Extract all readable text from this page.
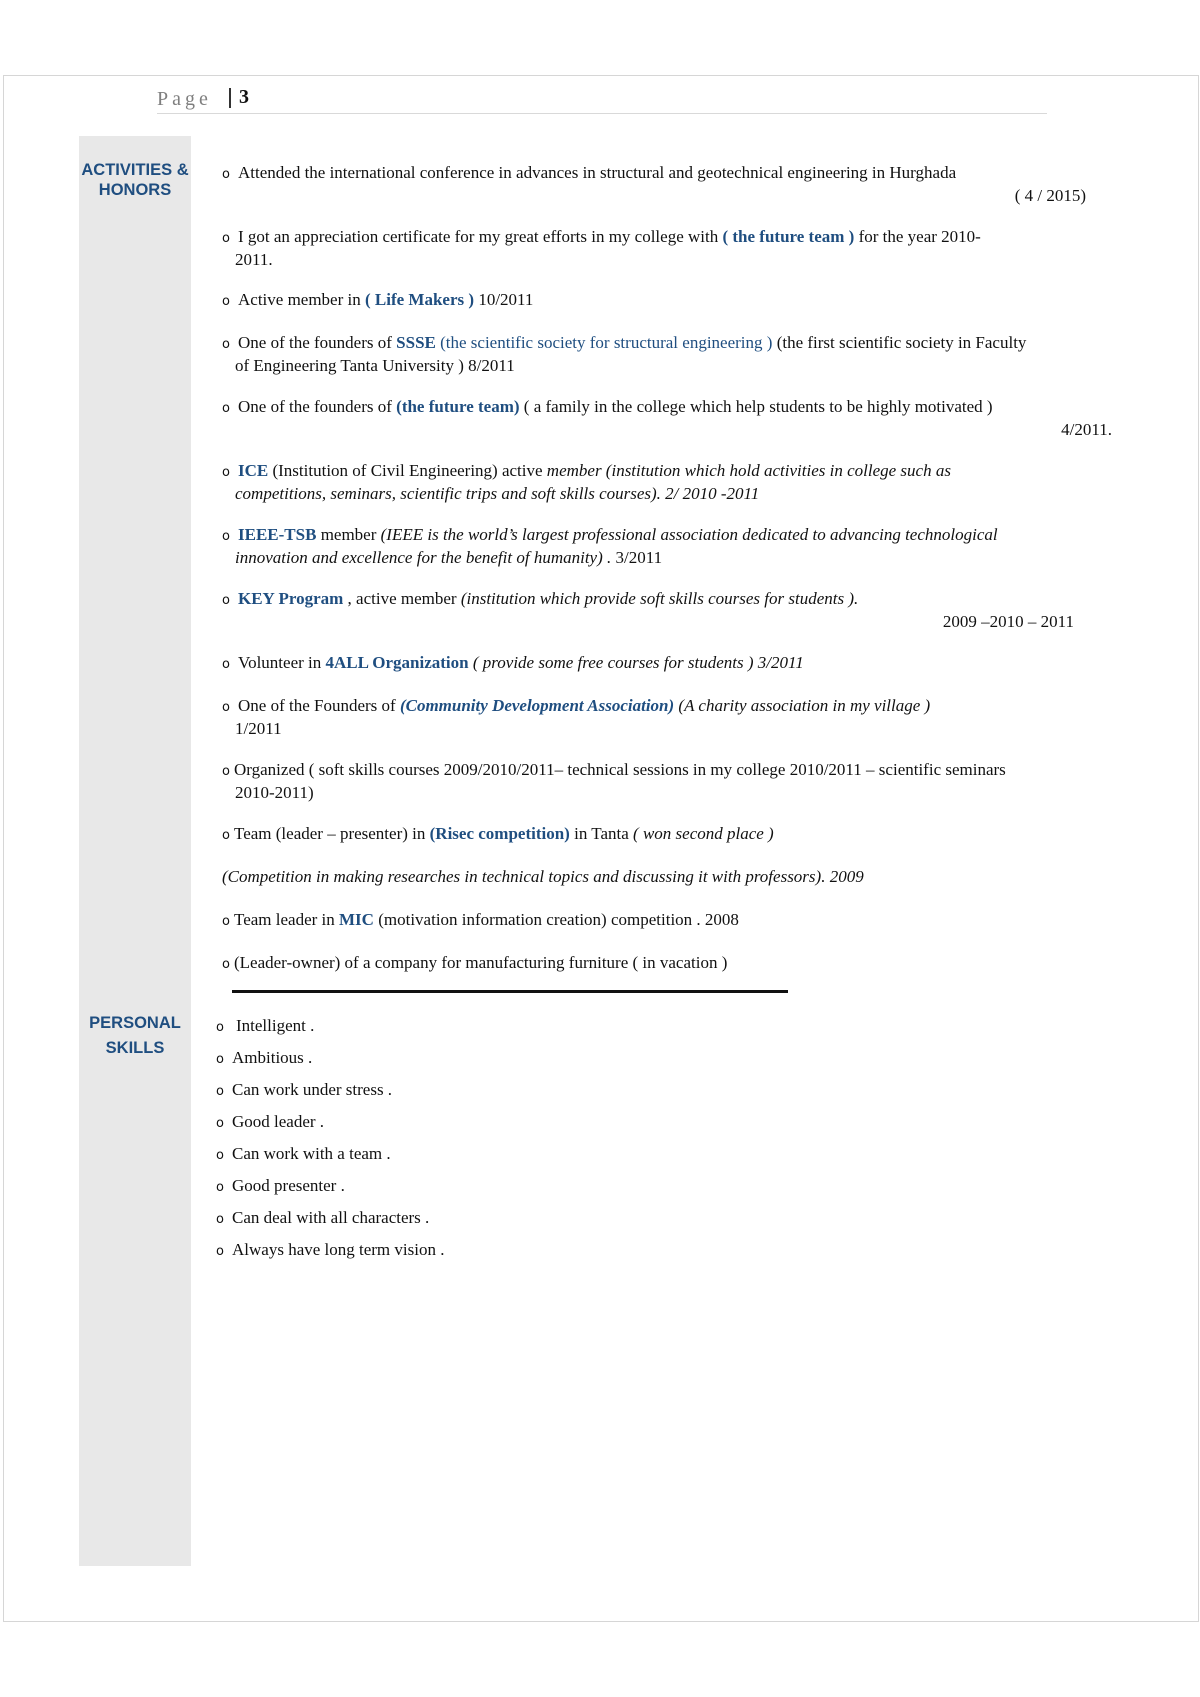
Page 3
ACTIVITIES & HONORS
PERSONAL
SKILLS
o Attended the international conference in advances in structural and geotechnical engineering in Hurghada
( 4 / 2015)
o I got an appreciation certificate for my great efforts in my college with ( the future team ) for the year 2010-
2011.
o Active member in ( Life Makers ) 10/2011
o One of the founders of SSSE (the scientific society for structural engineering ) (the first scientific society in Faculty
of Engineering Tanta University ) 8/2011
o One of the founders of (the future team) ( a family in the college which help students to be highly motivated )
4/2011.
o ICE (Institution of Civil Engineering) active member (institution which hold activities in college such as
competitions, seminars, scientific trips and soft skills courses). 2/ 2010 -2011
o IEEE-TSB member (IEEE is the world’s largest professional association dedicated to advancing technological
innovation and excellence for the benefit of humanity) . 3/2011
o KEY Program , active member (institution which provide soft skills courses for students ).
2009 –2010 – 2011
o Volunteer in 4ALL Organization ( provide some free courses for students ) 3/2011
o One of the Founders of (Community Development Association) (A charity association in my village )
1/2011
o Organized ( soft skills courses 2009/2010/2011– technical sessions in my college 2010/2011 – scientific seminars
2010-2011)
o Team (leader – presenter) in (Risec competition) in Tanta ( won second place )
(Competition in making researches in technical topics and discussing it with professors). 2009
o Team leader in MIC (motivation information creation) competition . 2008
o (Leader-owner) of a company for manufacturing furniture ( in vacation )
o Intelligent .
o Ambitious .
o Can work under stress .
o Good leader .
o Can work with a team .
o Good presenter .
o Can deal with all characters .
o Always have long term vision .
